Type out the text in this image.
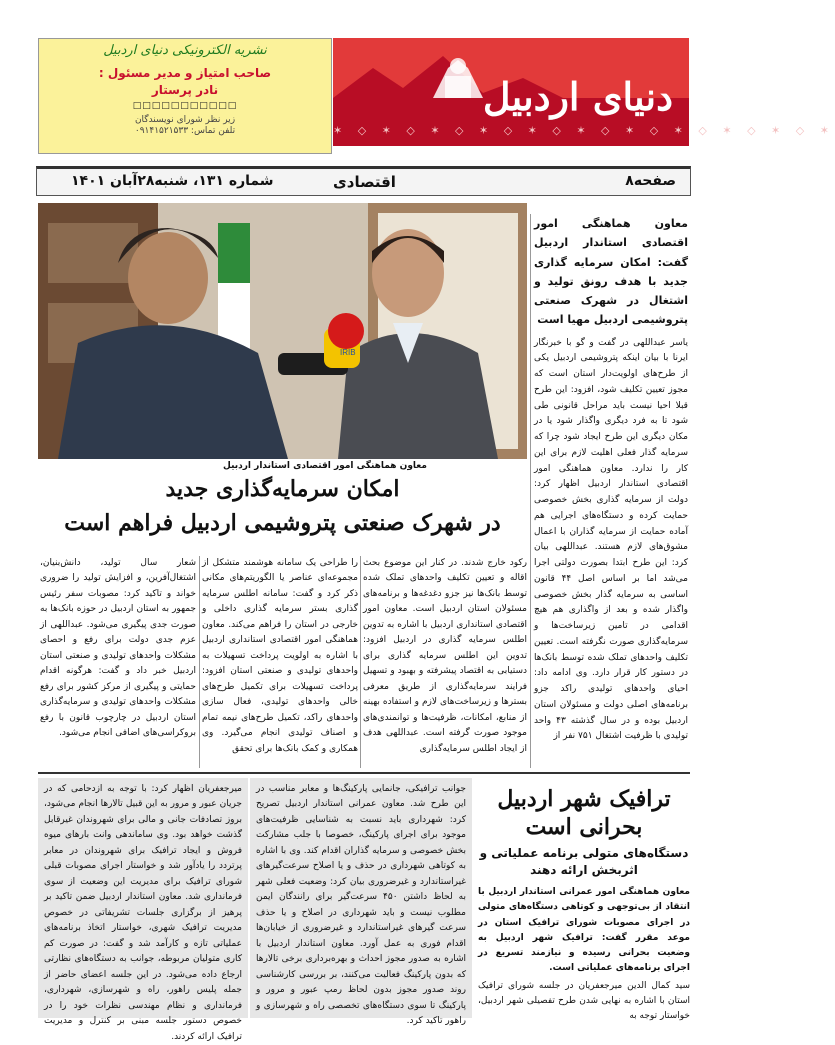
دنیای اردبیل
✶ ◇ ✶ ◇ ✶ ◇ ✶ ◇ ✶ ◇ ✶ ◇ ✶ ◇ ✶ ◇ ✶ ◇ ✶ ◇ ✶
نشریه الکترونیکی دنیای اردبیل
صاحب امتیاز و مدیر مسئول :
نادر پرستار
□□□□□□□□□□□
زیر نظر شورای نویسندگان
تلفن تماس: ۰۹۱۴۱۵۲۱۵۳۳
صفحه۸
اقتصادی
شماره ۱۳۱، شنبه۲۸آبان ۱۴۰۱
IRIB
معاون هماهنگی امور اقتصادی استاندار اردبیل گفت: امکان سرمایه گذاری جدید با هدف رونق تولید و اشتغال در شهرک صنعتی پتروشیمی اردبیل مهیا است
یاسر عبداللهی در گفت و گو با خبرنگار ایرنا با بیان اینکه پتروشیمی اردبیل یکی از طرح‌های اولویت‌دار استان است که مجوز تعیین تکلیف شود، افزود: این طرح قبلا احیا نیست باید مراحل قانونی طی شود تا به فرد دیگری واگذار شود یا در مکان دیگری این طرح ایجاد شود چرا که سرمایه گذار فعلی اهلیت لازم برای این کار را ندارد. معاون هماهنگی امور اقتصادی استاندار اردبیل اظهار کرد: دولت از سرمایه گذاری بخش خصوصی حمایت کرده و دستگاه‌های اجرایی هم آماده حمایت از سرمایه گذاران با اعمال مشوق‌های لازم هستند. عبداللهی بیان کرد: این طرح ابتدا بصورت دولتی اجرا می‌شد اما بر اساس اصل ۴۴ قانون اساسی به سرمایه گذار بخش خصوصی واگذار شده و بعد از واگذاری هم هیچ اقدامی در تامین زیرساخت‌ها و سرمایه‌گذاری صورت نگرفته است. تعیین تکلیف واحدهای تملک شده توسط بانک‌ها در دستور کار قرار دارد. وی ادامه داد: احیای واحدهای تولیدی راکد جزو برنامه‌های اصلی دولت و مسئولان استان اردبیل بوده و در سال گذشته ۴۳ واحد تولیدی با ظرفیت اشتغال ۷۵۱ نفر از
معاون هماهنگی امور اقتصادی استاندار اردبیل
امکان سرمایه‌گذاری جدید
در شهرک صنعتی پتروشیمی اردبیل فراهم است
رکود خارج شدند. در کنار این موضوع بحث اقاله و تعیین تکلیف واحدهای تملک شده توسط بانک‌ها نیز جزو دغدغه‌ها و برنامه‌های مسئولان استان اردبیل است. معاون امور اقتصادی استانداری اردبیل با اشاره به تدوین اطلس سرمایه گذاری در اردبیل افزود: تدوین این اطلس سرمایه گذاری برای دستیابی به اقتصاد پیشرفته و بهبود و تسهیل فرایند سرمایه‌گذاری از طریق معرفی بسترها و زیرساخت‌های لازم و استفاده بهینه از منابع، امکانات، ظرفیت‌ها و توانمندی‌های موجود صورت گرفته است. عبداللهی هدف از ایجاد اطلس سرمایه‌گذاری
را طراحی یک سامانه هوشمند متشکل از مجموعه‌ای عناصر یا الگوریتم‌های مکانی ذکر کرد و گفت: سامانه اطلس سرمایه گذاری بستر سرمایه گذاری داخلی و خارجی در استان را فراهم می‌کند. معاون هماهنگی امور اقتصادی استانداری اردبیل با اشاره به اولویت پرداخت تسهیلات به واحدهای تولیدی و صنعتی استان افزود: پرداخت تسهیلات برای تکمیل طرح‌های خالی واحدهای تولیدی، فعال سازی واحدهای راکد، تکمیل طرح‌های نیمه تمام و اصناف تولیدی انجام می‌گیرد. وی همکاری و کمک بانک‌ها برای تحقق
شعار سال تولید، دانش‌بنیان، اشتغال‌آفرین، و افزایش تولید را ضروری خواند و تاکید کرد: مصوبات سفر رئیس جمهور به استان اردبیل در حوزه بانک‌ها به صورت جدی پیگیری می‌شود. عبداللهی از عزم جدی دولت برای رفع و احصای مشکلات واحدهای تولیدی و صنعتی استان اردبیل خبر داد و گفت: هرگونه اقدام حمایتی و پیگیری از مرکز کشور برای رفع مشکلات واحدهای تولیدی و سرمایه‌گذاری استان اردبیل در چارچوب قانون با رفع بروکراسی‌های اضافی انجام می‌شود.
ترافیک شهر اردبیل
بحرانی است
دستگاه‌های متولی برنامه عملیاتی و
اثربخش ارائه دهند
معاون هماهنگی امور عمرانی استاندار اردبیل با انتقاد از بی‌توجهی و کوتاهی دستگاه‌های متولی در اجرای مصوبات شورای ترافیک استان در موعد مقرر گفت: ترافیک شهر اردبیل به وضعیت بحرانی رسیده و نیازمند تسریع در اجرای برنامه‌های عملیاتی است.
سید کمال الدین میرجعفریان در جلسه شورای ترافیک استان با اشاره به نهایی شدن طرح تفصیلی شهر اردبیل، خواستار توجه به
جوانب ترافیکی، جانمایی پارکینگ‌ها و معابر مناسب در این طرح شد. معاون عمرانی استاندار اردبیل تصریح کرد: شهرداری باید نسبت به شناسایی ظرفیت‌های موجود برای اجرای پارکینگ، خصوصا با جلب مشارکت بخش خصوصی و سرمایه گذاران اقدام کند. وی با اشاره به کوتاهی شهرداری در حذف و یا اصلاح سرعت‌گیرهای غیراستاندارد و غیرضروری بیان کرد: وضعیت فعلی شهر به لحاظ داشتن ۴۵۰ سرعت‌گیر برای رانندگان ایمن مطلوب نیست و باید شهرداری در اصلاح و یا حذف سرعت گیرهای غیراستاندارد و غیرضروری از خیابان‌ها اقدام فوری به عمل آورد. معاون استاندار اردبیل با اشاره به صدور مجوز احداث و بهره‌برداری برخی تالارها که بدون پارکینگ فعالیت می‌کنند، بر بررسی کارشناسی روند صدور مجوز بدون لحاظ رمپ عبور و مرور و پارکینگ تا سوی دستگاه‌های تخصصی راه و شهرسازی و راهور تاکید کرد.
میرجعفریان اظهار کرد: با توجه به ازدحامی که در جریان عبور و مرور به این قبیل تالارها انجام می‌شود، بروز تصادفات جانی و مالی برای شهروندان غیرقابل گذشت خواهد بود. وی ساماندهی وانت بارهای میوه فروش و ایجاد ترافیک برای شهروندان در معابر پرتردد را یادآور شد و خواستار اجرای مصوبات قبلی شورای ترافیک برای مدیریت این وضعیت از سوی فرمانداری شد. معاون استاندار اردبیل ضمن تاکید بر پرهیز از برگزاری جلسات تشریفاتی در خصوص مدیریت ترافیک شهری، خواستار اتخاذ برنامه‌های عملیاتی تازه و کارآمد شد و گفت: در صورت کم کاری متولیان مربوطه، جوانب به دستگاه‌های نظارتی ارجاع داده می‌شود. در این جلسه اعضای حاضر از جمله پلیس راهور، راه و شهرسازی، شهرداری، فرمانداری و نظام مهندسی نظرات خود را در خصوص دستور جلسه مبنی بر کنترل و مدیریت ترافیک ارائه کردند.
